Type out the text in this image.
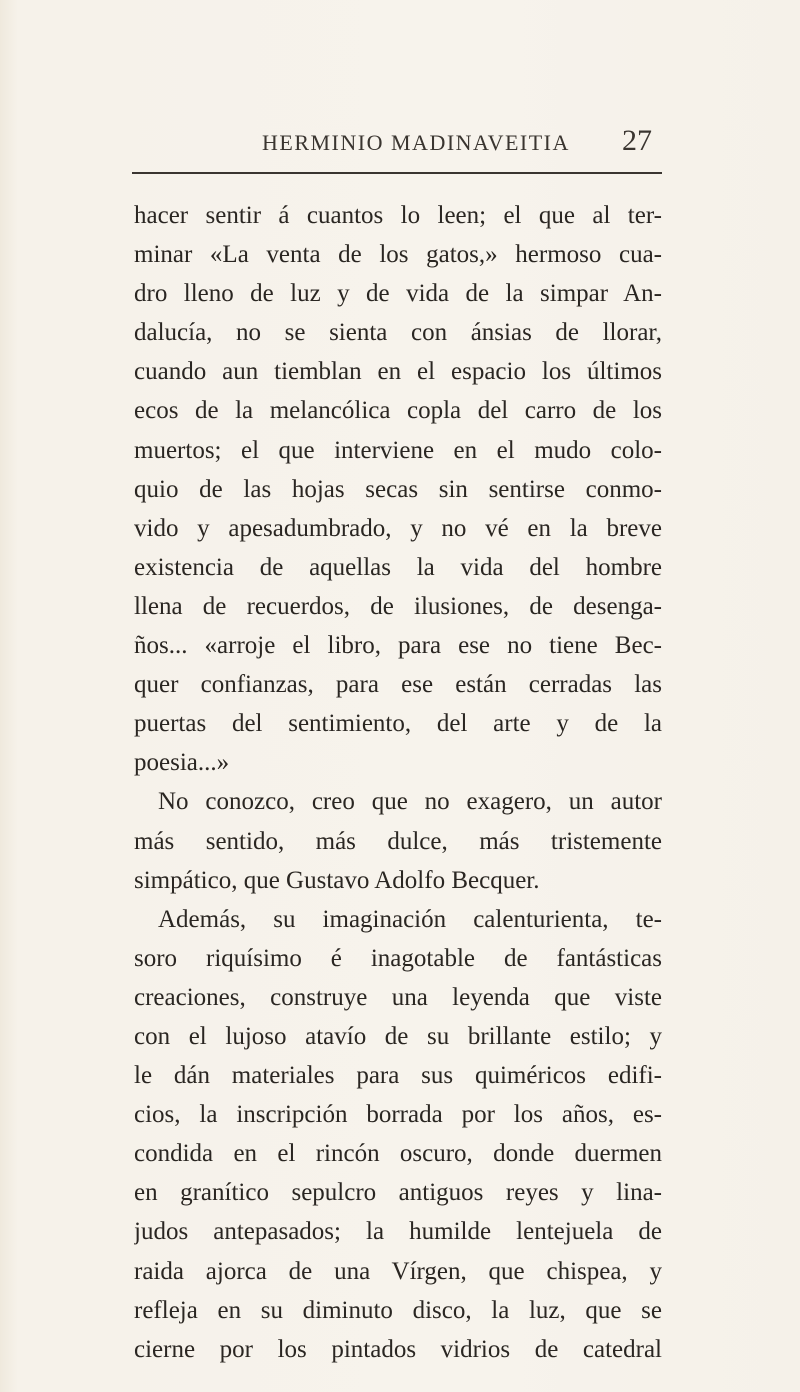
HERMINIO MADINAVEITIA 27
hacer sentir á cuantos lo leen; el que al ter-
minar «La venta de los gatos,» hermoso cua-
dro lleno de luz y de vida de la simpar An-
dalucía, no se sienta con ánsias de llorar,
cuando aun tiemblan en el espacio los últimos
ecos de la melancólica copla del carro de los
muertos; el que interviene en el mudo colo-
quio de las hojas secas sin sentirse conmo-
vido y apesadumbrado, y no vé en la breve
existencia de aquellas la vida del hombre
llena de recuerdos, de ilusiones, de desenga-
ños... «arroje el libro, para ese no tiene Bec-
quer confianzas, para ese están cerradas las
puertas del sentimiento, del arte y de la
poesia...»
No conozco, creo que no exagero, un autor
más sentido, más dulce, más tristemente
simpático, que Gustavo Adolfo Becquer.
Además, su imaginación calenturienta, te-
soro riquísimo é inagotable de fantásticas
creaciones, construye una leyenda que viste
con el lujoso atavío de su brillante estilo; y
le dán materiales para sus quiméricos edifi-
cios, la inscripción borrada por los años, es-
condida en el rincón oscuro, donde duermen
en granítico sepulcro antiguos reyes y lina-
judos antepasados; la humilde lentejuela de
raida ajorca de una Vírgen, que chispea, y
refleja en su diminuto disco, la luz, que se
cierne por los pintados vidrios de catedral
